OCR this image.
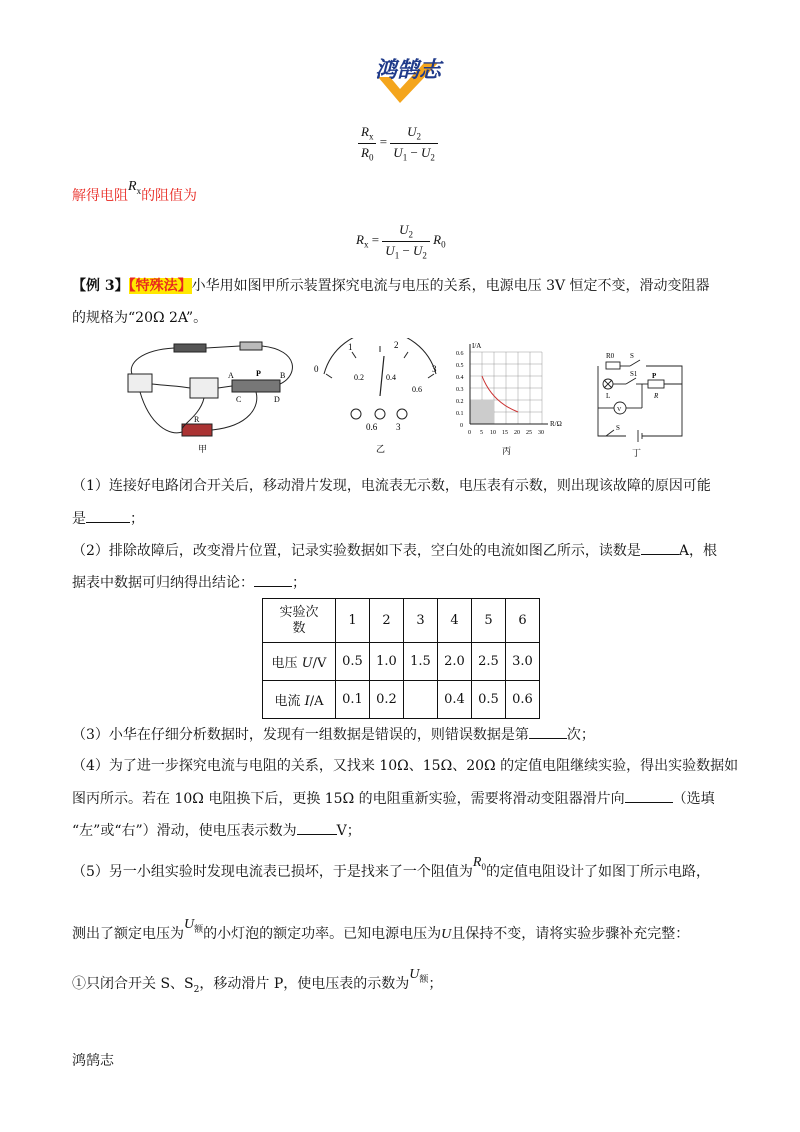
鸿鹄志
$\frac{R_x}{R_0} = \frac{U_2}{U_1 - U_2}$
解得电阻$R_x$的阻值为
$R_x = \frac{U_2}{U_1 - U_2} R_0$
【例 3】【特殊法】小华用如图甲所示装置探究电流与电压的关系，电源电压 3V 恒定不变，滑动变阻器
的规格为“20Ω 2A”。
A	P B
C	D
R
甲
0
1	2
3
0.2	0.4
0.6
0.6 3
乙
I/A
R/Ω
0
0.1
0.2
0.3
0.4
0.5
0.6
0 5 10 15 20 25 30
丙
R0 S
S1 P
L
V
R
S
丁
（1）连接好电路闭合开关后，移动滑片发现，电流表无示数，电压表有示数，则出现该故障的原因可能
是	；
（2）排除故障后，改变滑片位置，记录实验数据如下表，空白处的电流如图乙所示，读数是	A，根
据表中数据可归纳得出结论：	；
实验次
数	1	2	3	4	5	6
电压 U/V	0.5	1.0	1.5	2.0	2.5	3.0
电流 I/A	0.1	0.2		0.4	0.5	0.6
（3）小华在仔细分析数据时，发现有一组数据是错误的，则错误数据是第	次；
（4）为了进一步探究电流与电阻的关系，又找来 10Ω、15Ω、20Ω 的定值电阻继续实验，得出实验数据如
图丙所示。若在 10Ω 电阻换下后，更换 15Ω 的电阻重新实验，需要将滑动变阻器滑片向	（选填
“左”或“右”）滑动，使电压表示数为	V；
（5）另一小组实验时发现电流表已损坏，于是找来了一个阻值为$R_0$的定值电阻设计了如图丁所示电路，
测出了额定电压为$U_额$的小灯泡的额定功率。已知电源电压为U且保持不变，请将实验步骤补充完整：
①只闭合开关 S、$S_2$，移动滑片 P，使电压表的示数为$U_额$；
鸿鹄志
